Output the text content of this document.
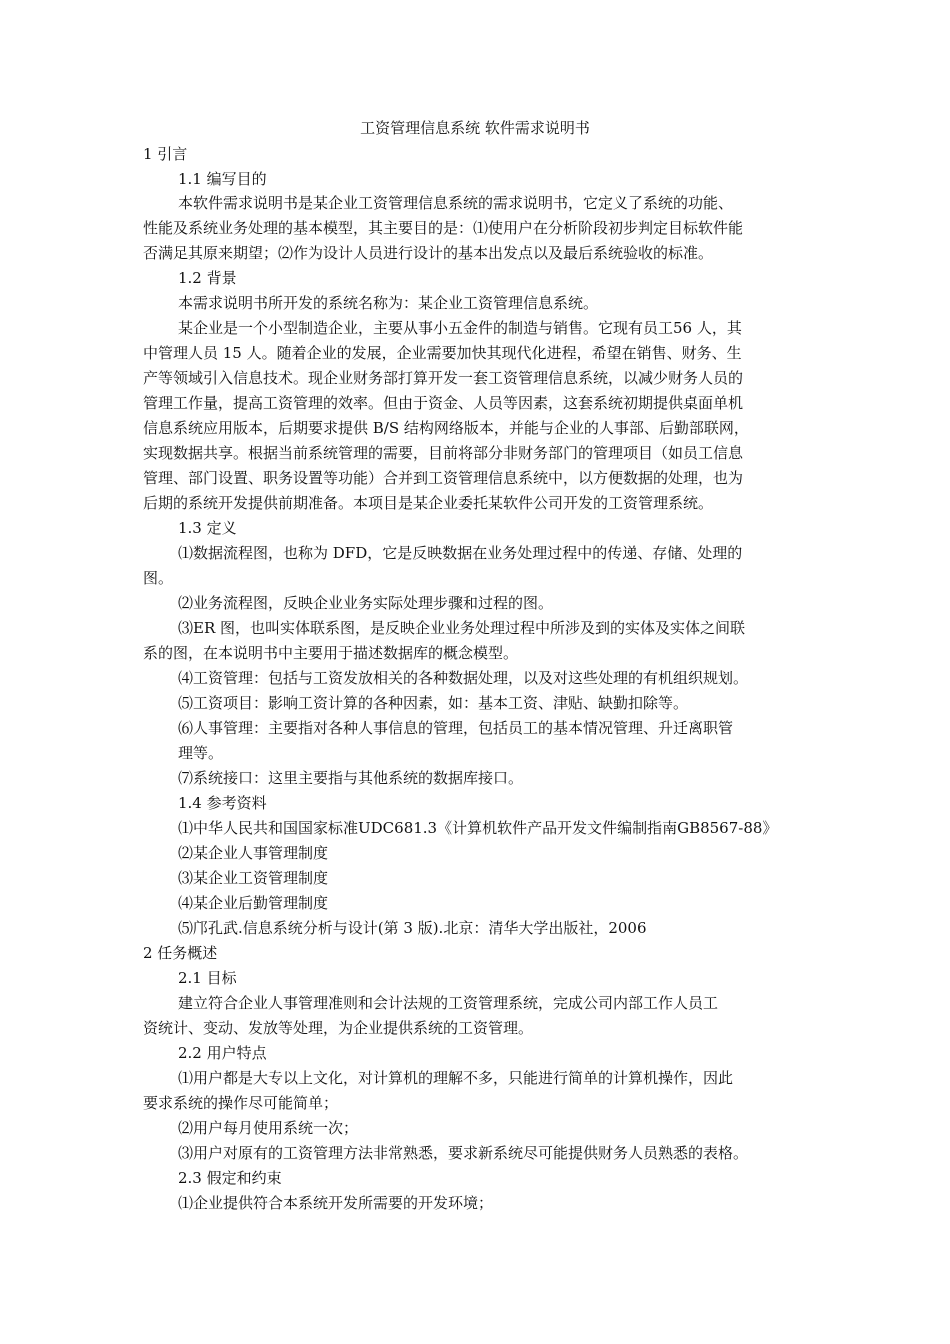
工资管理信息系统 软件需求说明书
1 引言
1.1 编写目的
本软件需求说明书是某企业工资管理信息系统的需求说明书，它定义了系统的功能、
性能及系统业务处理的基本模型，其主要目的是：⑴使用户在分析阶段初步判定目标软件能
否满足其原来期望；⑵作为设计人员进行设计的基本出发点以及最后系统验收的标准。
1.2 背景
本需求说明书所开发的系统名称为：某企业工资管理信息系统。
某企业是一个小型制造企业，主要从事小五金件的制造与销售。它现有员工56 人，其
中管理人员 15 人。随着企业的发展，企业需要加快其现代化进程，希望在销售、财务、生
产等领域引入信息技术。现企业财务部打算开发一套工资管理信息系统，以减少财务人员的
管理工作量，提高工资管理的效率。但由于资金、人员等因素，这套系统初期提供桌面单机
信息系统应用版本，后期要求提供 B/S 结构网络版本，并能与企业的人事部、后勤部联网，
实现数据共享。根据当前系统管理的需要，目前将部分非财务部门的管理项目（如员工信息
管理、部门设置、职务设置等功能）合并到工资管理信息系统中，以方便数据的处理，也为
后期的系统开发提供前期准备。本项目是某企业委托某软件公司开发的工资管理系统。
1.3 定义
⑴数据流程图，也称为 DFD，它是反映数据在业务处理过程中的传递、存储、处理的
图。
⑵业务流程图，反映企业业务实际处理步骤和过程的图。
⑶ER 图，也叫实体联系图，是反映企业业务处理过程中所涉及到的实体及实体之间联
系的图，在本说明书中主要用于描述数据库的概念模型。
⑷工资管理：包括与工资发放相关的各种数据处理，以及对这些处理的有机组织规划。
⑸工资项目：影响工资计算的各种因素，如：基本工资、津贴、缺勤扣除等。
⑹人事管理：主要指对各种人事信息的管理，包括员工的基本情况管理、升迁离职管
理等。
⑺系统接口：这里主要指与其他系统的数据库接口。
1.4 参考资料
⑴中华人民共和国国家标准UDC681.3《计算机软件产品开发文件编制指南GB8567-88》
⑵某企业人事管理制度
⑶某企业工资管理制度
⑷某企业后勤管理制度
⑸邝孔武.信息系统分析与设计(第 3 版).北京：清华大学出版社，2006
2 任务概述
2.1 目标
建立符合企业人事管理准则和会计法规的工资管理系统，完成公司内部工作人员工
资统计、变动、发放等处理，为企业提供系统的工资管理。
2.2 用户特点
⑴用户都是大专以上文化，对计算机的理解不多，只能进行简单的计算机操作，因此
要求系统的操作尽可能简单；
⑵用户每月使用系统一次；
⑶用户对原有的工资管理方法非常熟悉，要求新系统尽可能提供财务人员熟悉的表格。
2.3 假定和约束
⑴企业提供符合本系统开发所需要的开发环境；
